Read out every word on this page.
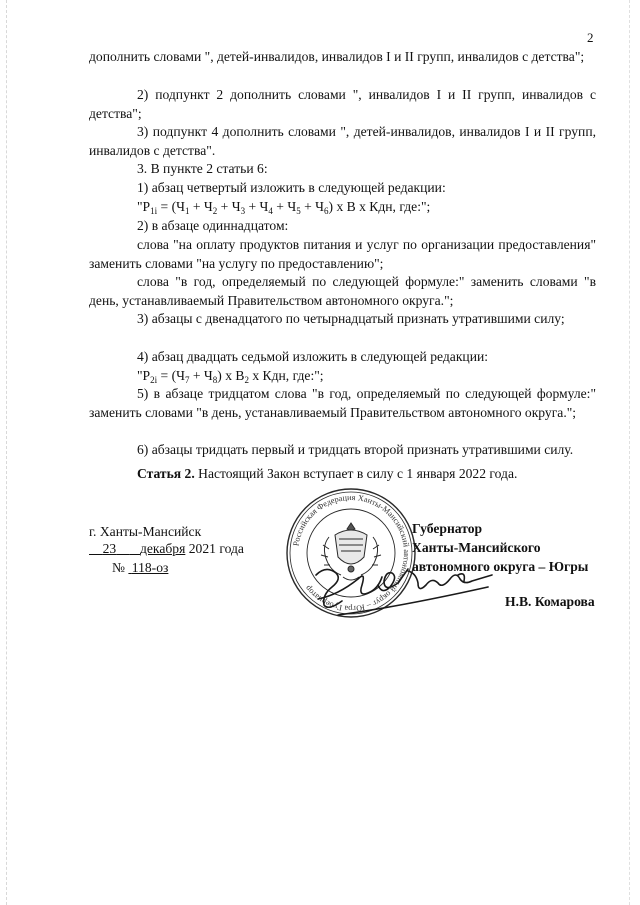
2
дополнить словами ", детей-инвалидов, инвалидов I и II групп, инвалидов с детства";
2) подпункт 2 дополнить словами ", инвалидов I и II групп, инвалидов с детства";
3) подпункт 4 дополнить словами ", детей-инвалидов, инвалидов I и II групп, инвалидов с детства".
3. В пункте 2 статьи 6:
1) абзац четвертый изложить в следующей редакции:
"$Р_{1i} = (Ч_1 + Ч_2 + Ч_3 + Ч_4 + Ч_5 + Ч_6)$ х В х Кдн, где:";
2) в абзаце одиннадцатом:
слова "на оплату продуктов питания и услуг по организации предоставления" заменить словами "на услугу по предоставлению";
слова "в год, определяемый по следующей формуле:" заменить словами "в день, устанавливаемый Правительством автономного округа.";
3) абзацы с двенадцатого по четырнадцатый признать утратившими силу;
4) абзац двадцать седьмой изложить в следующей редакции:
"$Р_{2i} = (Ч_7 + Ч_8)$ х $В_2$ х Кдн, где:";
5) в абзаце тридцатом слова "в год, определяемый по следующей формуле:" заменить словами "в день, устанавливаемый Правительством автономного округа.";
6) абзацы тридцать первый и тридцать второй признать утратившими силу.
Статья 2. Настоящий Закон вступает в силу с 1 января 2022 года.
г. Ханты-Мансийск
23 декабря 2021 года
№ 118-оз
Российская Федерация Ханты-Мансийский автономный округ – Югра Губернатор
Губернатор
Ханты-Мансийского
автономного округа – Югры
Н.В. Комарова
